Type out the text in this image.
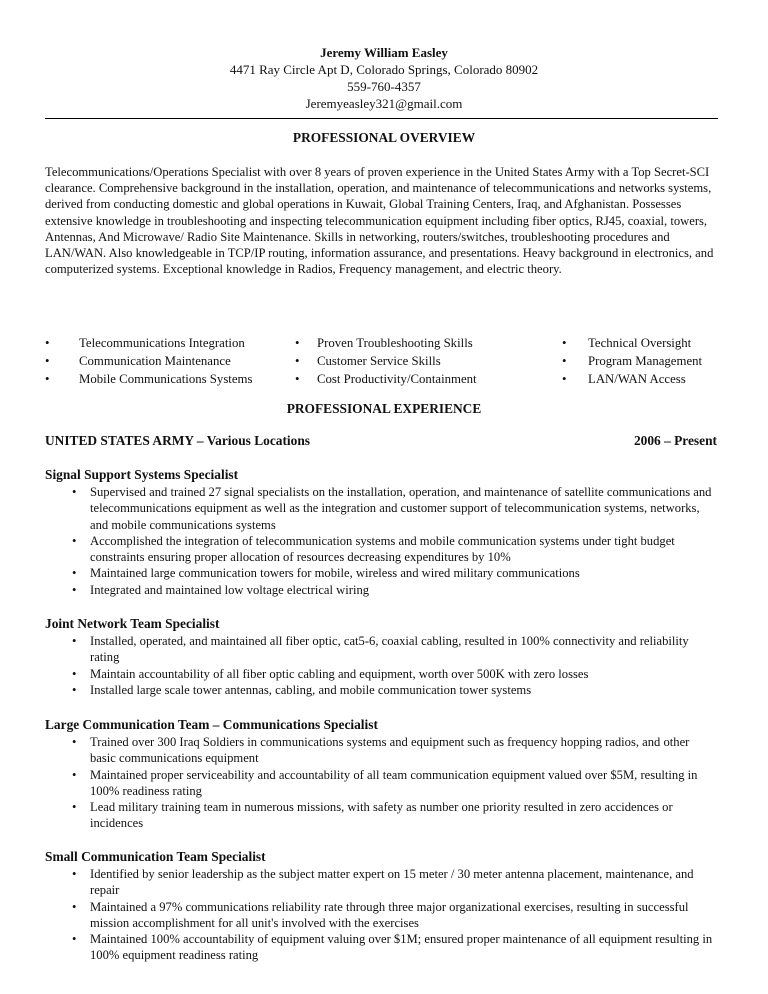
Jeremy William Easley
4471 Ray Circle Apt D, Colorado Springs, Colorado 80902
559-760-4357
Jeremyeasley321@gmail.com
PROFESSIONAL OVERVIEW
Telecommunications/Operations Specialist with over 8 years of proven experience in the United States Army with a Top Secret-SCI clearance. Comprehensive background in the installation, operation, and maintenance of telecommunications and networks systems, derived from conducting domestic and global operations in Kuwait, Global Training Centers, Iraq, and Afghanistan. Possesses extensive knowledge in troubleshooting and inspecting telecommunication equipment including fiber optics, RJ45, coaxial, towers, Antennas, And Microwave/ Radio Site Maintenance. Skills in networking, routers/switches, troubleshooting procedures and LAN/WAN. Also knowledgeable in TCP/IP routing, information assurance, and presentations. Heavy background in electronics, and computerized systems. Exceptional knowledge in Radios, Frequency management, and electric theory.
• Telecommunications Integration
• Communication Maintenance
• Mobile Communications Systems
• Proven Troubleshooting Skills
• Customer Service Skills
• Cost Productivity/Containment
• Technical Oversight
• Program Management
• LAN/WAN Access
PROFESSIONAL EXPERIENCE
UNITED STATES ARMY – Various Locations	2006 – Present
Signal Support Systems Specialist
• Supervised and trained 27 signal specialists on the installation, operation, and maintenance of satellite communications and telecommunications equipment as well as the integration and customer support of telecommunication systems, networks, and mobile communications systems
• Accomplished the integration of telecommunication systems and mobile communication systems under tight budget constraints ensuring proper allocation of resources decreasing expenditures by 10%
• Maintained large communication towers for mobile, wireless and wired military communications
• Integrated and maintained low voltage electrical wiring
Joint Network Team Specialist
• Installed, operated, and maintained all fiber optic, cat5-6, coaxial cabling, resulted in 100% connectivity and reliability rating
• Maintain accountability of all fiber optic cabling and equipment, worth over 500K with zero losses
• Installed large scale tower antennas, cabling, and mobile communication tower systems
Large Communication Team – Communications Specialist
• Trained over 300 Iraq Soldiers in communications systems and equipment such as frequency hopping radios, and other basic communications equipment
• Maintained proper serviceability and accountability of all team communication equipment valued over $5M, resulting in 100% readiness rating
• Lead military training team in numerous missions, with safety as number one priority resulted in zero accidences or incidences
Small Communication Team Specialist
• Identified by senior leadership as the subject matter expert on 15 meter / 30 meter antenna placement, maintenance, and repair
• Maintained a 97% communications reliability rate through three major organizational exercises, resulting in successful mission accomplishment for all unit's involved with the exercises
• Maintained 100% accountability of equipment valuing over $1M; ensured proper maintenance of all equipment resulting in 100% equipment readiness rating
